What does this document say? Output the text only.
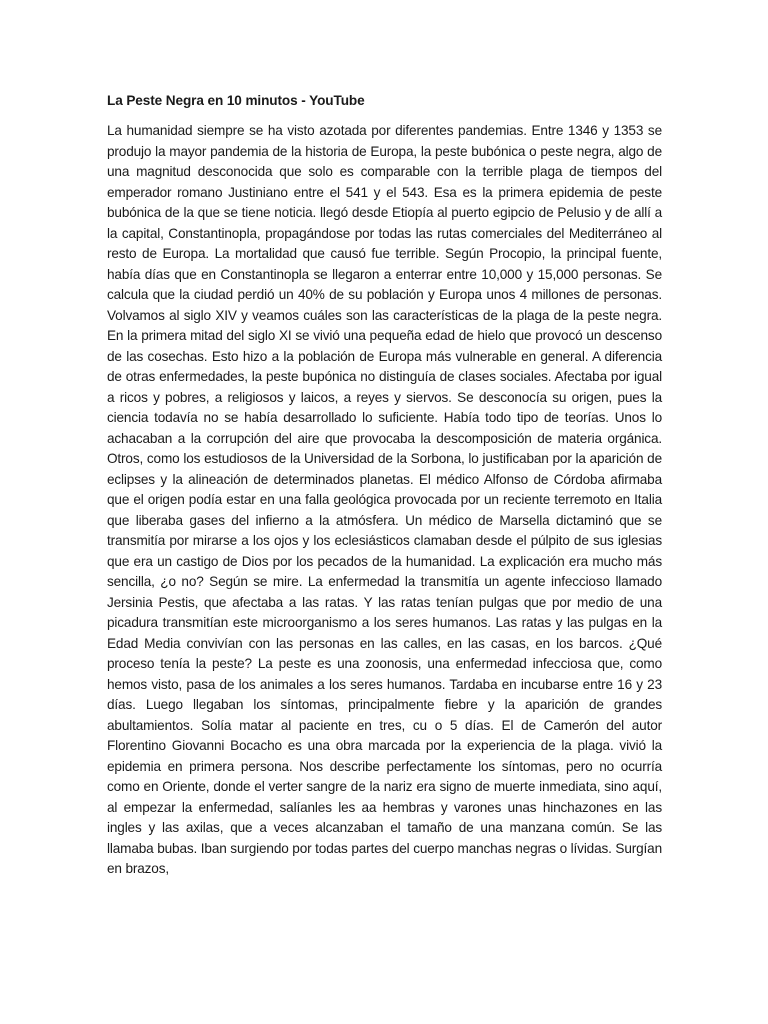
La Peste Negra en 10 minutos - YouTube

La humanidad siempre se ha visto azotada por diferentes pandemias. Entre 1346 y 1353 se produjo la mayor pandemia de la historia de Europa, la peste bubónica o peste negra, algo de una magnitud desconocida que solo es comparable con la terrible plaga de tiempos del emperador romano Justiniano entre el 541 y el 543. Esa es la primera epidemia de peste bubónica de la que se tiene noticia. llegó desde Etiopía al puerto egipcio de Pelusio y de allí a la capital, Constantinopla, propagándose por todas las rutas comerciales del Mediterráneo al resto de Europa. La mortalidad que causó fue terrible. Según Procopio, la principal fuente, había días que en Constantinopla se llegaron a enterrar entre 10,000 y 15,000 personas. Se calcula que la ciudad perdió un 40% de su población y Europa unos 4 millones de personas. Volvamos al siglo XIV y veamos cuáles son las características de la plaga de la peste negra. En la primera mitad del siglo XI se vivió una pequeña edad de hielo que provocó un descenso de las cosechas. Esto hizo a la población de Europa más vulnerable en general. A diferencia de otras enfermedades, la peste bupónica no distinguía de clases sociales. Afectaba por igual a ricos y pobres, a religiosos y laicos, a reyes y siervos. Se desconocía su origen, pues la ciencia todavía no se había desarrollado lo suficiente. Había todo tipo de teorías. Unos lo achacaban a la corrupción del aire que provocaba la descomposición de materia orgánica. Otros, como los estudiosos de la Universidad de la Sorbona, lo justificaban por la aparición de eclipses y la alineación de determinados planetas. El médico Alfonso de Córdoba afirmaba que el origen podía estar en una falla geológica provocada por un reciente terremoto en Italia que liberaba gases del infierno a la atmósfera. Un médico de Marsella dictaminó que se transmitía por mirarse a los ojos y los eclesiásticos clamaban desde el púlpito de sus iglesias que era un castigo de Dios por los pecados de la humanidad. La explicación era mucho más sencilla, ¿o no? Según se mire. La enfermedad la transmitía un agente infeccioso llamado Jersinia Pestis, que afectaba a las ratas. Y las ratas tenían pulgas que por medio de una picadura transmitían este microorganismo a los seres humanos. Las ratas y las pulgas en la Edad Media convivían con las personas en las calles, en las casas, en los barcos. ¿Qué proceso tenía la peste? La peste es una zoonosis, una enfermedad infecciosa que, como hemos visto, pasa de los animales a los seres humanos. Tardaba en incubarse entre 16 y 23 días. Luego llegaban los síntomas, principalmente fiebre y la aparición de grandes abultamientos. Solía matar al paciente en tres, cu o 5 días. El de Camerón del autor Florentino Giovanni Bocacho es una obra marcada por la experiencia de la plaga. vivió la epidemia en primera persona. Nos describe perfectamente los síntomas, pero no ocurría como en Oriente, donde el verter sangre de la nariz era signo de muerte inmediata, sino aquí, al empezar la enfermedad, salíanles les aa hembras y varones unas hinchazones en las ingles y las axilas, que a veces alcanzaban el tamaño de una manzana común. Se las llamaba bubas. Iban surgiendo por todas partes del cuerpo manchas negras o lívidas. Surgían en brazos,
